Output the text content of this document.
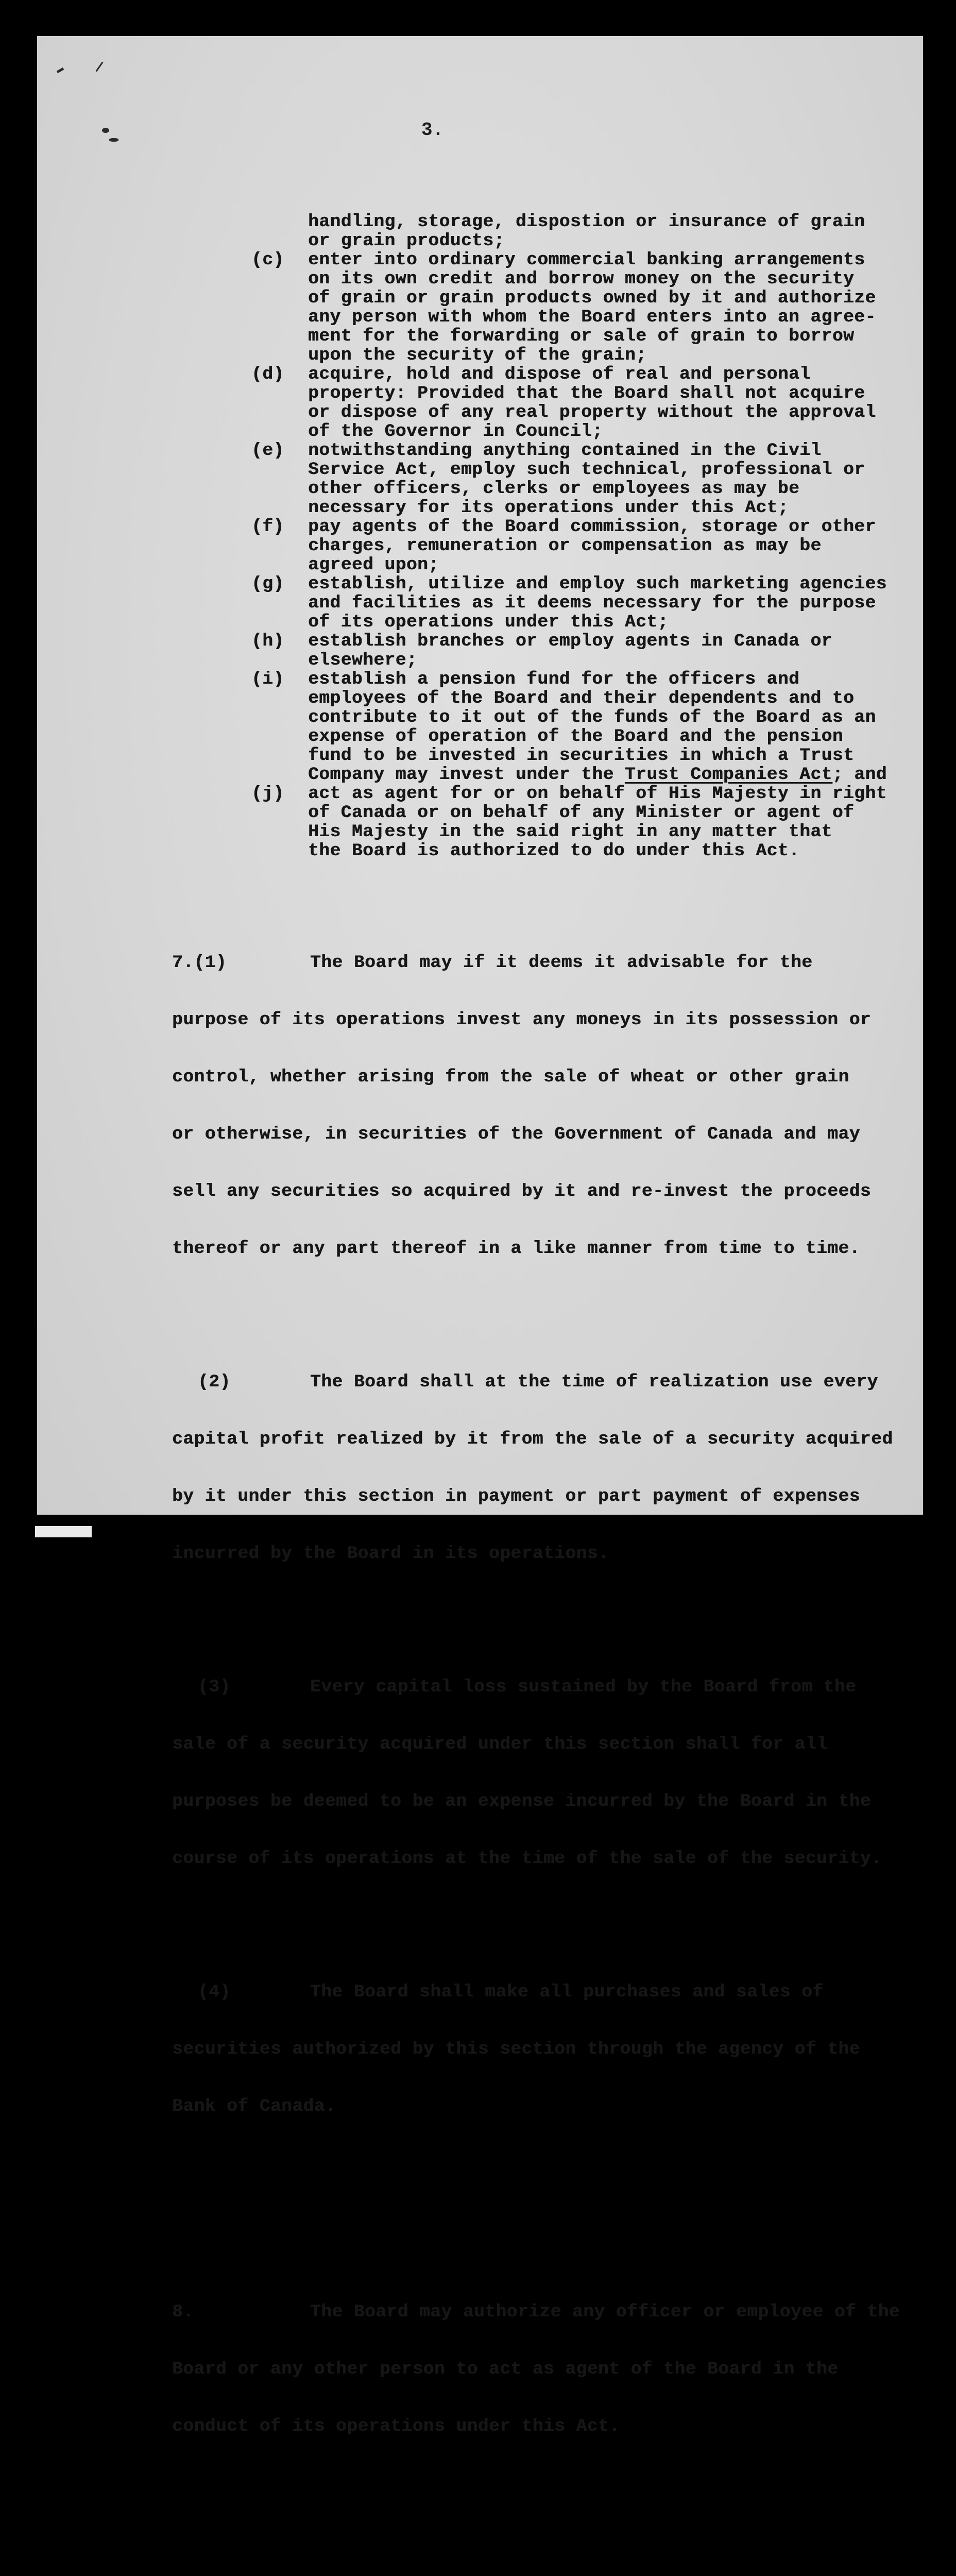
3.
handling, storage, dispostion or insurance of grain
or grain products;
(c) enter into ordinary commercial banking arrangements
on its own credit and borrow money on the security
of grain or grain products owned by it and authorize
any person with whom the Board enters into an agree-
ment for the forwarding or sale of grain to borrow
upon the security of the grain;
(d) acquire, hold and dispose of real and personal
property: Provided that the Board shall not acquire
or dispose of any real property without the approval
of the Governor in Council;
(e) notwithstanding anything contained in the Civil
Service Act, employ such technical, professional or
other officers, clerks or employees as may be
necessary for its operations under this Act;
(f) pay agents of the Board commission, storage or other
charges, remuneration or compensation as may be
agreed upon;
(g) establish, utilize and employ such marketing agencies
and facilities as it deems necessary for the purpose
of its operations under this Act;
(h) establish branches or employ agents in Canada or
elsewhere;
(i) establish a pension fund for the officers and
employees of the Board and their dependents and to
contribute to it out of the funds of the Board as an
expense of operation of the Board and the pension
fund to be invested in securities in which a Trust
Company may invest under the Trust Companies Act; and
(j) act as agent for or on behalf of His Majesty in right
of Canada or on behalf of any Minister or agent of
His Majesty in the said right in any matter that
the Board is authorized to do under this Act.

7.(1)	The Board may if it deems it advisable for the

purpose of its operations invest any moneys in its possession or

control, whether arising from the sale of wheat or other grain

or otherwise, in securities of the Government of Canada and may

sell any securities so acquired by it and re-invest the proceeds

thereof or any part thereof in a like manner from time to time.

(2)	The Board shall at the time of realization use every

capital profit realized by it from the sale of a security acquired

by it under this section in payment or part payment of expenses

incurred by the Board in its operations.

(3)	Every capital loss sustained by the Board from the

sale of a security acquired under this section shall for all

purposes be deemed to be an expense incurred by the Board in the

course of its operations at the time of the sale of the security.

(4)	The Board shall make all purchases and sales of

securities authorized by this section through the agency of the

Bank of Canada.

8.	The Board may authorize any officer or employee of the

Board or any other person to act as agent of the Board in the

conduct of its operations under this Act.
